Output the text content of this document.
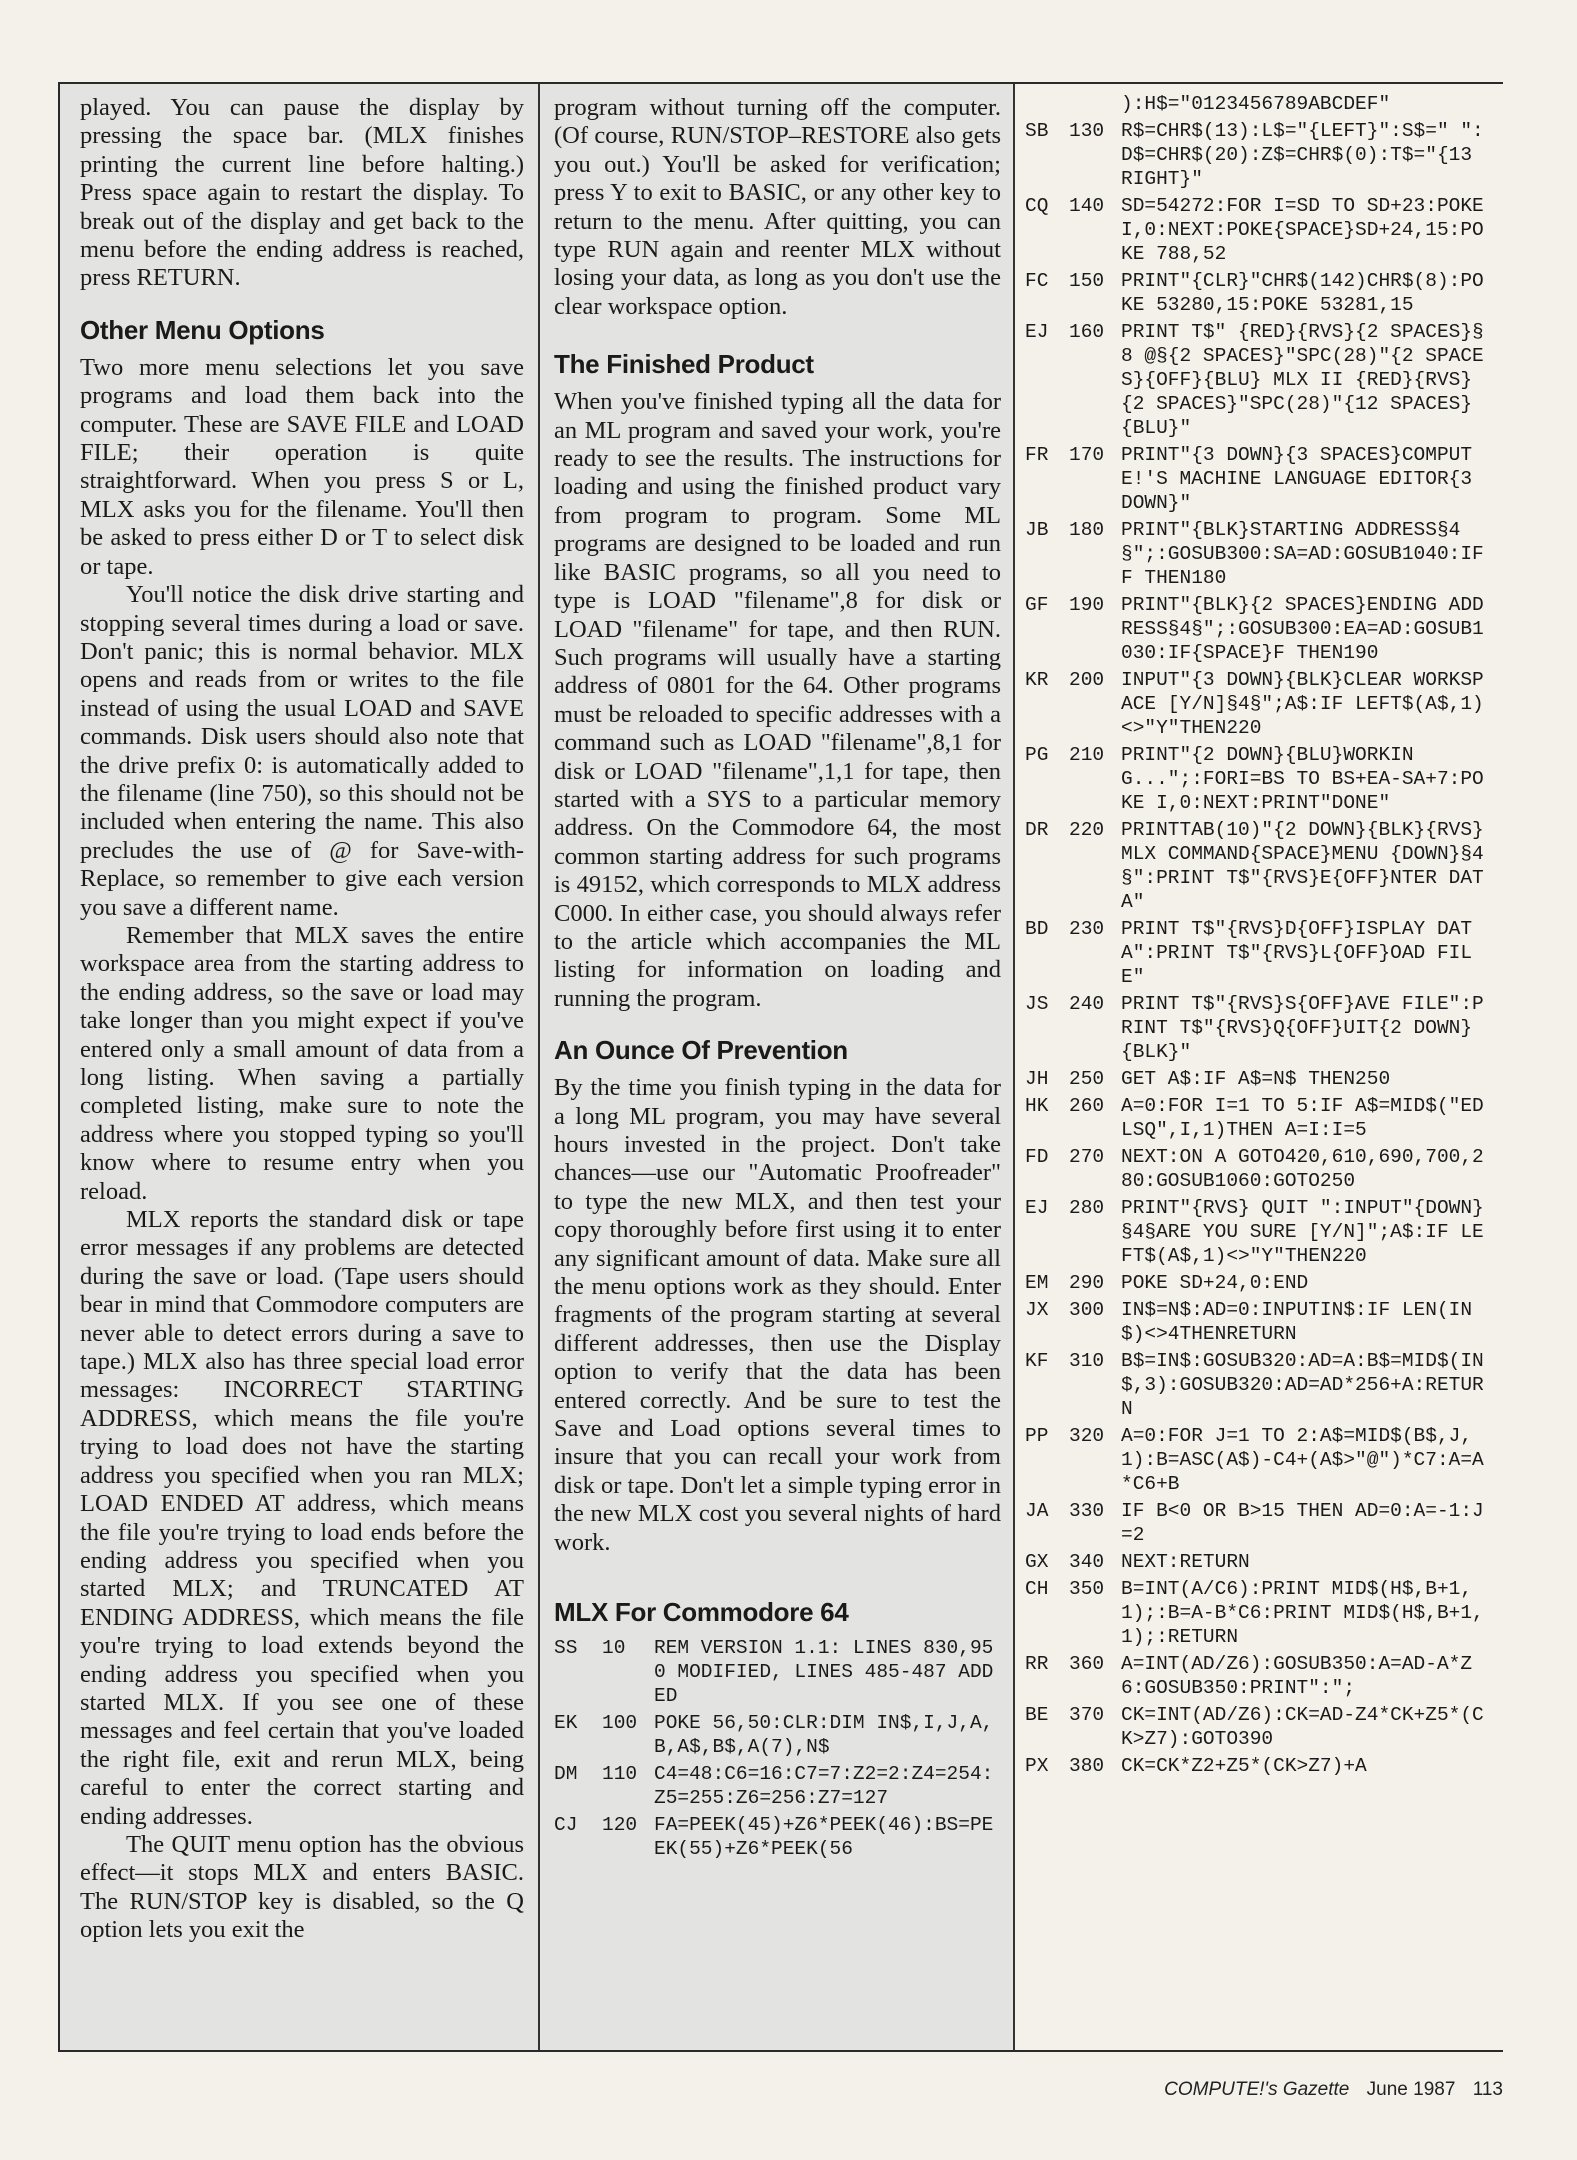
played. You can pause the display by pressing the space bar. (MLX finishes printing the current line before halting.) Press space again to restart the display. To break out of the display and get back to the menu before the ending address is reached, press RETURN.

Other Menu Options

Two more menu selections let you save programs and load them back into the computer. These are SAVE FILE and LOAD FILE; their operation is quite straightforward. When you press S or L, MLX asks you for the filename. You'll then be asked to press either D or T to select disk or tape.

You'll notice the disk drive starting and stopping several times during a load or save. Don't panic; this is normal behavior. MLX opens and reads from or writes to the file instead of using the usual LOAD and SAVE commands. Disk users should also note that the drive prefix 0: is automatically added to the filename (line 750), so this should not be included when entering the name. This also precludes the use of @ for Save-with-Replace, so remember to give each version you save a different name.

Remember that MLX saves the entire workspace area from the starting address to the ending address, so the save or load may take longer than you might expect if you've entered only a small amount of data from a long listing. When saving a partially completed listing, make sure to note the address where you stopped typing so you'll know where to resume entry when you reload.

MLX reports the standard disk or tape error messages if any problems are detected during the save or load. (Tape users should bear in mind that Commodore computers are never able to detect errors during a save to tape.) MLX also has three special load error messages: INCORRECT STARTING ADDRESS, which means the file you're trying to load does not have the starting address you specified when you ran MLX; LOAD ENDED AT address, which means the file you're trying to load ends before the ending address you specified when you started MLX; and TRUNCATED AT ENDING ADDRESS, which means the file you're trying to load extends beyond the ending address you specified when you started MLX. If you see one of these messages and feel certain that you've loaded the right file, exit and rerun MLX, being careful to enter the correct starting and ending addresses.

The QUIT menu option has the obvious effect—it stops MLX and enters BASIC. The RUN/STOP key is disabled, so the Q option lets you exit the

program without turning off the computer. (Of course, RUN/STOP–RESTORE also gets you out.) You'll be asked for verification; press Y to exit to BASIC, or any other key to return to the menu. After quitting, you can type RUN again and reenter MLX without losing your data, as long as you don't use the clear workspace option.

The Finished Product

When you've finished typing all the data for an ML program and saved your work, you're ready to see the results. The instructions for loading and using the finished product vary from program to program. Some ML programs are designed to be loaded and run like BASIC programs, so all you need to type is LOAD "filename",8 for disk or LOAD "filename" for tape, and then RUN. Such programs will usually have a starting address of 0801 for the 64. Other programs must be reloaded to specific addresses with a command such as LOAD "filename",8,1 for disk or LOAD "filename",1,1 for tape, then started with a SYS to a particular memory address. On the Commodore 64, the most common starting address for such programs is 49152, which corresponds to MLX address C000. In either case, you should always refer to the article which accompanies the ML listing for information on loading and running the program.

An Ounce Of Prevention

By the time you finish typing in the data for a long ML program, you may have several hours invested in the project. Don't take chances—use our "Automatic Proofreader" to type the new MLX, and then test your copy thoroughly before first using it to enter any significant amount of data. Make sure all the menu options work as they should. Enter fragments of the program starting at several different addresses, then use the Display option to verify that the data has been entered correctly. And be sure to test the Save and Load options several times to insure that you can recall your work from disk or tape. Don't let a simple typing error in the new MLX cost you several nights of hard work.

MLX For Commodore 64
SS	10	REM VERSION 1.1: LINES 830,950 MODIFIED, LINES 485-487 ADDED
EK	100 POKE 56,50:CLR:DIM IN$,I,J,A,B,A$,B$,A(7),N$
DM	110 C4=48:C6=16:C7=7:Z2=2:Z4=254:Z5=255:Z6=256:Z7=127
CJ	120 FA=PEEK(45)+Z6*PEEK(46):BS=PEEK(55)+Z6*PEEK(56
):H$="0123456789ABCDEF"
SB	130 R$=CHR$(13):L$="{LEFT}":S$=" ":D$=CHR$(20):Z$=CHR$(0):T$="{13 RIGHT}"
CQ	140 SD=54272:FOR I=SD TO SD+23:POKE I,0:NEXT:POKE{SPACE}SD+24,15:POKE 788,52
FC	150 PRINT"{CLR}"CHR$(142)CHR$(8):POKE 53280,15:POKE 53281,15
EJ	160 PRINT T$" {RED}{RVS}{2 SPACES}§8 @§{2 SPACES}"SPC(28)"{2 SPACES}{OFF}{BLU} MLX II {RED}{RVS}{2 SPACES}"SPC(28)"{12 SPACES}{BLU}"
FR	170 PRINT"{3 DOWN}{3 SPACES}COMPUTE!'S MACHINE LANGUAGE EDITOR{3 DOWN}"
JB	180 PRINT"{BLK}STARTING ADDRESS§4§";:GOSUB300:SA=AD:GOSUB1040:IF F THEN180
GF	190 PRINT"{BLK}{2 SPACES}ENDING ADDRESS§4§";:GOSUB300:EA=AD:GOSUB1030:IF{SPACE}F THEN190
KR	200 INPUT"{3 DOWN}{BLK}CLEAR WORKSPACE [Y/N]§4§";A$:IF LEFT$(A$,1)<>"Y"THEN220
PG	210 PRINT"{2 DOWN}{BLU}WORKING...";:FORI=BS TO BS+EA-SA+7:POKE I,0:NEXT:PRINT"DONE"
DR	220 PRINTTAB(10)"{2 DOWN}{BLK}{RVS} MLX COMMAND{SPACE}MENU {DOWN}§4§":PRINT T$"{RVS}E{OFF}NTER DATA"
BD	230 PRINT T$"{RVS}D{OFF}ISPLAY DATA":PRINT T$"{RVS}L{OFF}OAD FILE"
JS	240 PRINT T$"{RVS}S{OFF}AVE FILE":PRINT T$"{RVS}Q{OFF}UIT{2 DOWN}{BLK}"
JH	250 GET A$:IF A$=N$ THEN250
HK	260 A=0:FOR I=1 TO 5:IF A$=MID$("EDLSQ",I,1)THEN A=I:I=5
FD	270 NEXT:ON A GOTO420,610,690,700,280:GOSUB1060:GOTO250
EJ	280 PRINT"{RVS} QUIT ":INPUT"{DOWN}§4§ARE YOU SURE [Y/N]";A$:IF LEFT$(A$,1)<>"Y"THEN220
EM	290 POKE SD+24,0:END
JX	300 IN$=N$:AD=0:INPUTIN$:IF LEN(IN$)<>4THENRETURN
KF	310 B$=IN$:GOSUB320:AD=A:B$=MID$(IN$,3):GOSUB320:AD=AD*256+A:RETURN
PP	320 A=0:FOR J=1 TO 2:A$=MID$(B$,J,1):B=ASC(A$)-C4+(A$>"@")*C7:A=A*C6+B
JA	330 IF B<0 OR B>15 THEN AD=0:A=-1:J=2
GX	340 NEXT:RETURN
CH	350 B=INT(A/C6):PRINT MID$(H$,B+1,1);:B=A-B*C6:PRINT MID$(H$,B+1,1);:RETURN
RR	360 A=INT(AD/Z6):GOSUB350:A=AD-A*Z6:GOSUB350:PRINT":";
BE	370 CK=INT(AD/Z6):CK=AD-Z4*CK+Z5*(CK>Z7):GOTO390
PX	380 CK=CK*Z2+Z5*(CK>Z7)+A
COMPUTE!'s Gazette June 1987 113
